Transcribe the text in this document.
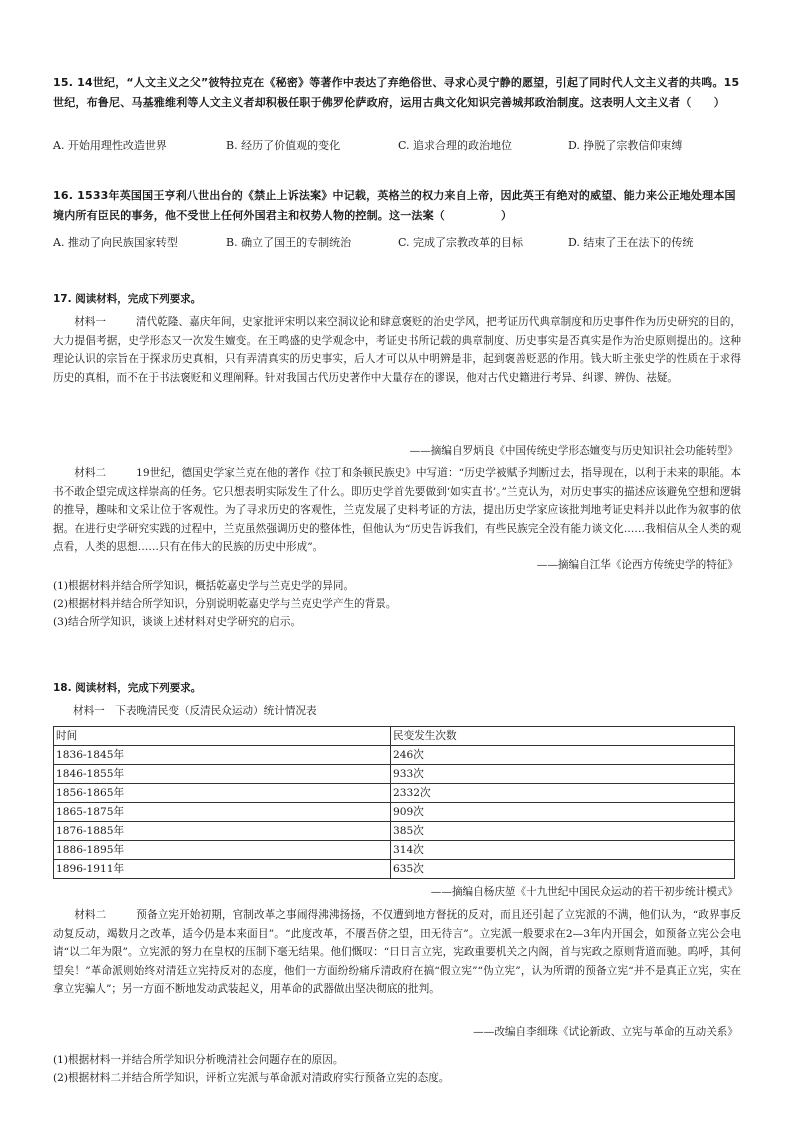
15. 14世纪，“人文主义之父”彼特拉克在《秘密》等著作中表达了弃绝俗世、寻求心灵宁静的愿望，引起了同时代人文主义者的共鸣。15世纪，布鲁尼、马基雅维利等人文主义者却积极任职于佛罗伦萨政府，运用古典文化知识完善城邦政治制度。这表明人文主义者（　　）
A. 开始用理性改造世界	B. 经历了价值观的变化	C. 追求合理的政治地位	D. 挣脱了宗教信仰束缚
16. 1533年英国国王亨利八世出台的《禁止上诉法案》中记载，英格兰的权力来自上帝，因此英王有绝对的威望、能力来公正地处理本国境内所有臣民的事务，他不受世上任何外国君主和权势人物的控制。这一法案（　　　　　）
A. 推动了向民族国家转型	B. 确立了国王的专制统治	C. 完成了宗教改革的目标	D. 结束了王在法下的传统
17. 阅读材料，完成下列要求。
材料一	清代乾隆、嘉庆年间，史家批评宋明以来空洞议论和肆意褒贬的治史学风，把考证历代典章制度和历史事件作为历史研究的目的，大力提倡考据，史学形态又一次发生嬗变。在王鸣盛的史学观念中，考证史书所记载的典章制度、历史事实是否真实是作为治史原则提出的。这种理论认识的宗旨在于探求历史真相，只有弄清真实的历史事实，后人才可以从中明辨是非，起到褒善贬恶的作用。钱大昕主张史学的性质在于求得历史的真相，而不在于书法褒贬和义理阐释。针对我国古代历史著作中大量存在的谬误，他对古代史籍进行考异、纠谬、辨伪、祛疑。
——摘编自罗炳良《中国传统史学形态嬗变与历史知识社会功能转型》
材料二	19世纪，德国史学家兰克在他的著作《拉丁和条顿民族史》中写道：“历史学被赋予判断过去，指导现在，以利于未来的职能。本书不敢企望完成这样崇高的任务。它只想表明实际发生了什么。即历史学首先要做到‘如实直书’。”兰克认为，对历史事实的描述应该避免空想和逻辑的推导，趣味和文采让位于客观性。为了寻求历史的客观性，兰克发展了史料考证的方法，提出历史学家应该批判地考证史料并以此作为叙事的依据。在进行史学研究实践的过程中，兰克虽然强调历史的整体性，但他认为“历史告诉我们，有些民族完全没有能力谈文化……我相信从全人类的观点看，人类的思想……只有在伟大的民族的历史中形成”。
——摘编自江华《论西方传统史学的特征》
(1)根据材料并结合所学知识，概括乾嘉史学与兰克史学的异同。
(2)根据材料并结合所学知识，分别说明乾嘉史学与兰克史学产生的背景。
(3)结合所学知识，谈谈上述材料对史学研究的启示。
18. 阅读材料，完成下列要求。
材料一　下表晚清民变（反清民众运动）统计情况表
时间	民变发生次数
1836-1845年	246次
1846-1855年	933次
1856-1865年	2332次
1865-1875年	909次
1876-1885年	385次
1886-1895年	314次
1896-1911年	635次
——摘编自杨庆堃《十九世纪中国民众运动的若干初步统计模式》
材料二	预备立宪开始初期，官制改革之事闹得沸沸扬扬，不仅遭到地方督抚的反对，而且还引起了立宪派的不满，他们认为，“政界事反动复反动，竭数月之改革，适今仍是本来面目”。“此度改革，不餍吾侪之望，田无待言”。立宪派一般要求在2—3年内开国会，如预备立宪公会电请“以二年为限”。立宪派的努力在皇权的压制下毫无结果。他们慨叹：“日日言立宪，宪政重要机关之内阁，首与宪政之原则背道而驰。呜呼，其何望矣！”革命派则始终对清廷立宪持反对的态度，他们一方面纷纷痛斥清政府在搞“假立宪”“伪立宪”，认为所谓的预备立宪“并不是真正立宪，实在拿立宪骗人”；另一方面不断地发动武装起义，用革命的武器做出坚决彻底的批判。
——改编自李细珠《试论新政、立宪与革命的互动关系》
(1)根据材料一并结合所学知识分析晚清社会问题存在的原因。
(2)根据材料二并结合所学知识，评析立宪派与革命派对清政府实行预备立宪的态度。
